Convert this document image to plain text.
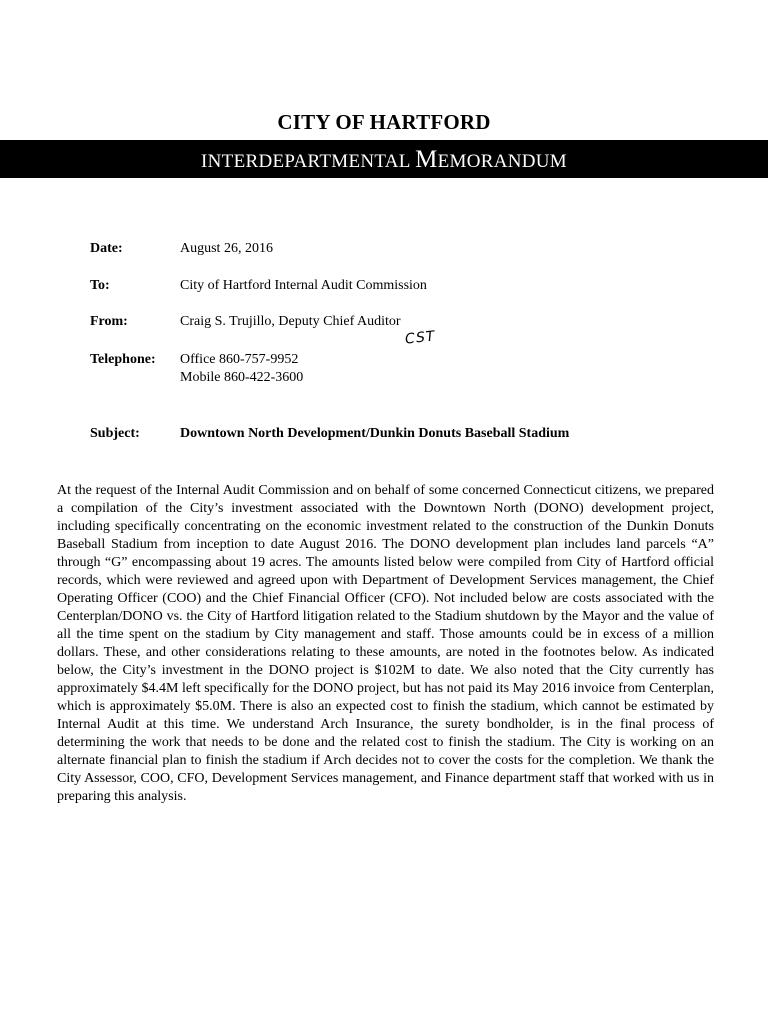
CITY OF HARTFORD
INTERDEPARTMENTAL MEMORANDUM
Date:	August 26, 2016
To:	City of Hartford Internal Audit Commission
From:	Craig S. Trujillo, Deputy Chief Auditor
CST
Telephone: Office 860-757-9952
Mobile 860-422-3600
Subject:	Downtown North Development/Dunkin Donuts Baseball Stadium
At the request of the Internal Audit Commission and on behalf of some concerned Connecticut citizens, we prepared a compilation of the City’s investment associated with the Downtown North (DONO) development project, including specifically concentrating on the economic investment related to the construction of the Dunkin Donuts Baseball Stadium from inception to date August 2016. The DONO development plan includes land parcels “A” through “G” encompassing about 19 acres. The amounts listed below were compiled from City of Hartford official records, which were reviewed and agreed upon with Department of Development Services management, the Chief Operating Officer (COO) and the Chief Financial Officer (CFO). Not included below are costs associated with the Centerplan/DONO vs. the City of Hartford litigation related to the Stadium shutdown by the Mayor and the value of all the time spent on the stadium by City management and staff. Those amounts could be in excess of a million dollars. These, and other considerations relating to these amounts, are noted in the footnotes below. As indicated below, the City’s investment in the DONO project is $102M to date. We also noted that the City currently has approximately $4.4M left specifically for the DONO project, but has not paid its May 2016 invoice from Centerplan, which is approximately $5.0M. There is also an expected cost to finish the stadium, which cannot be estimated by Internal Audit at this time. We understand Arch Insurance, the surety bondholder, is in the final process of determining the work that needs to be done and the related cost to finish the stadium. The City is working on an alternate financial plan to finish the stadium if Arch decides not to cover the costs for the completion. We thank the City Assessor, COO, CFO, Development Services management, and Finance department staff that worked with us in preparing this analysis.
